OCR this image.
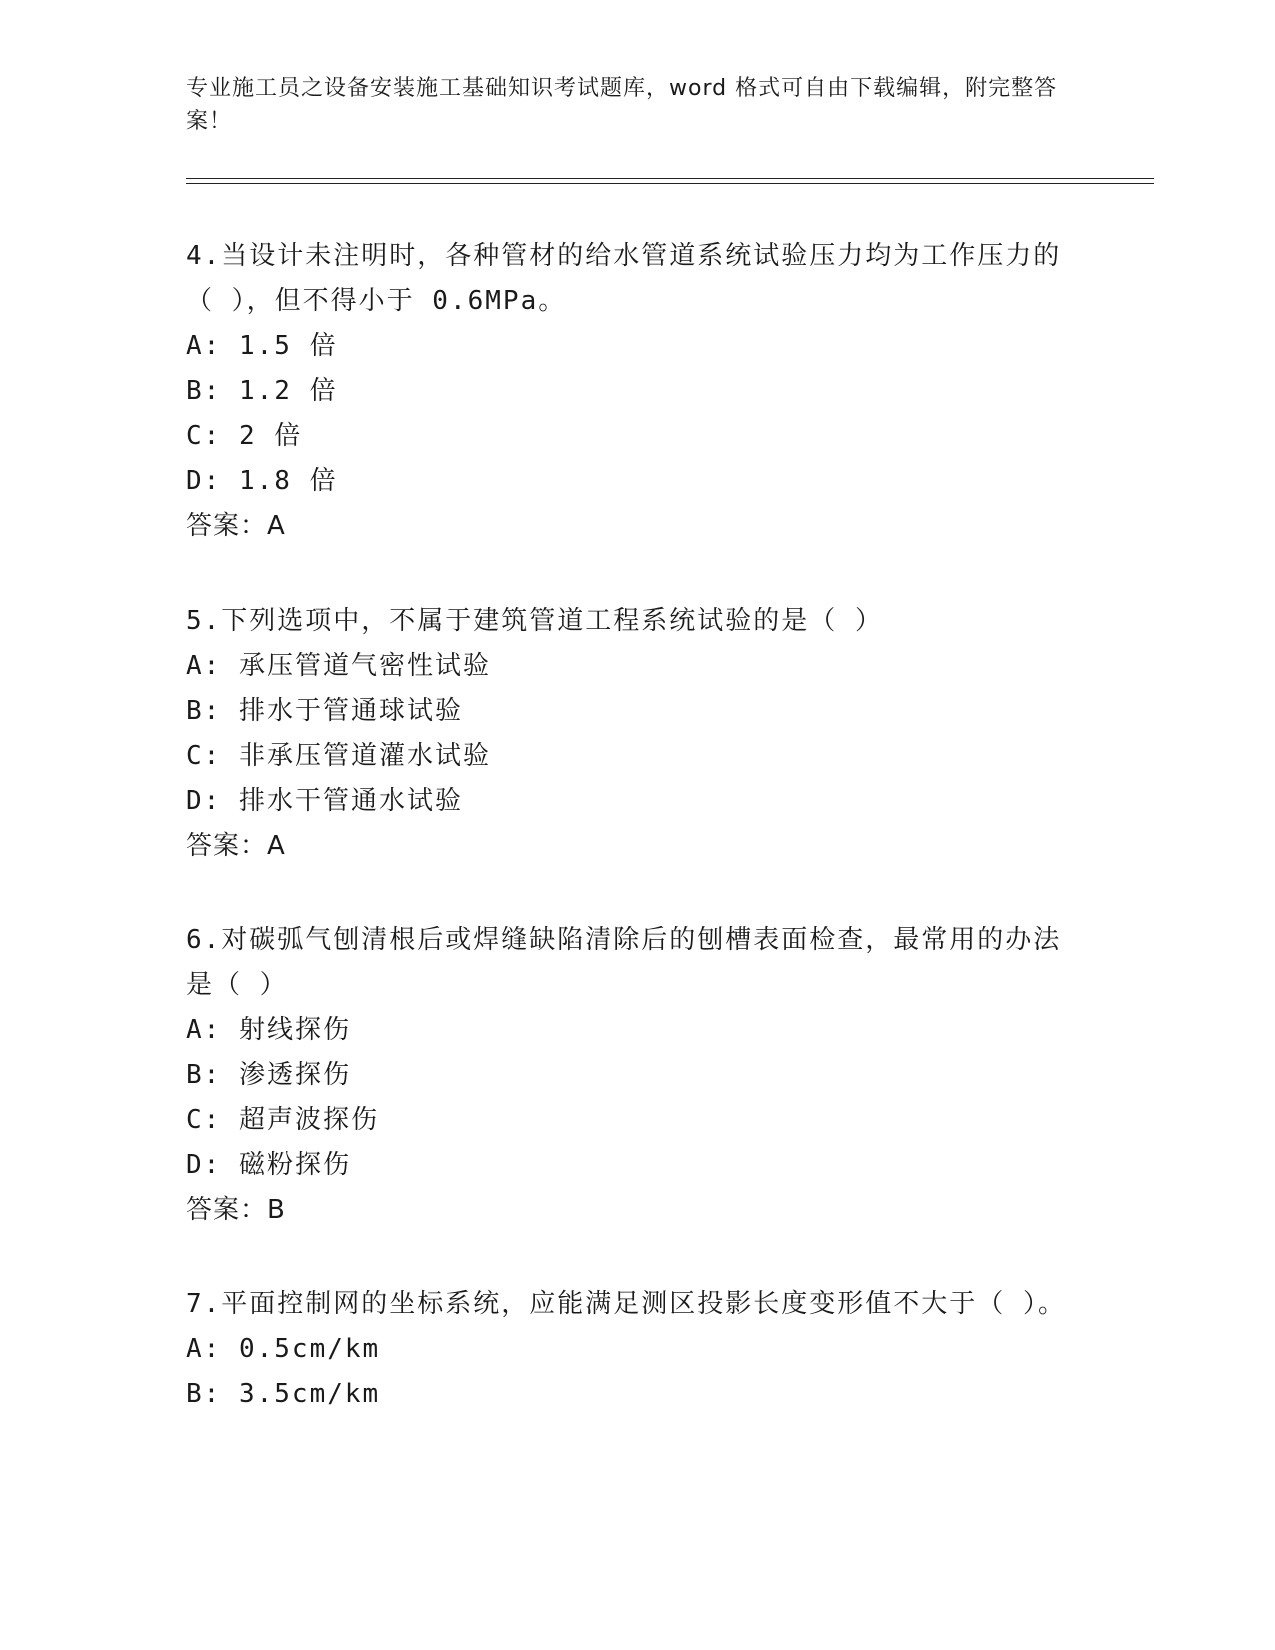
专业施工员之设备安装施工基础知识考试题库，word 格式可自由下载编辑，附完整答案！

4.当设计未注明时，各种管材的给水管道系统试验压力均为工作压力的（ ），但不得小于 0.6MPa。

A: 1.5 倍

B: 1.2 倍

C: 2 倍

D: 1.8 倍

答案：A

5.下列选项中，不属于建筑管道工程系统试验的是（ ）

A: 承压管道气密性试验

B: 排水于管通球试验

C: 非承压管道灌水试验

D: 排水干管通水试验

答案：A

6.对碳弧气刨清根后或焊缝缺陷清除后的刨槽表面检查，最常用的办法是（ ）

A: 射线探伤

B: 渗透探伤

C: 超声波探伤

D: 磁粉探伤

答案：B

7.平面控制网的坐标系统，应能满足测区投影长度变形值不大于（ ）。

A: 0.5cm/km

B: 3.5cm/km
